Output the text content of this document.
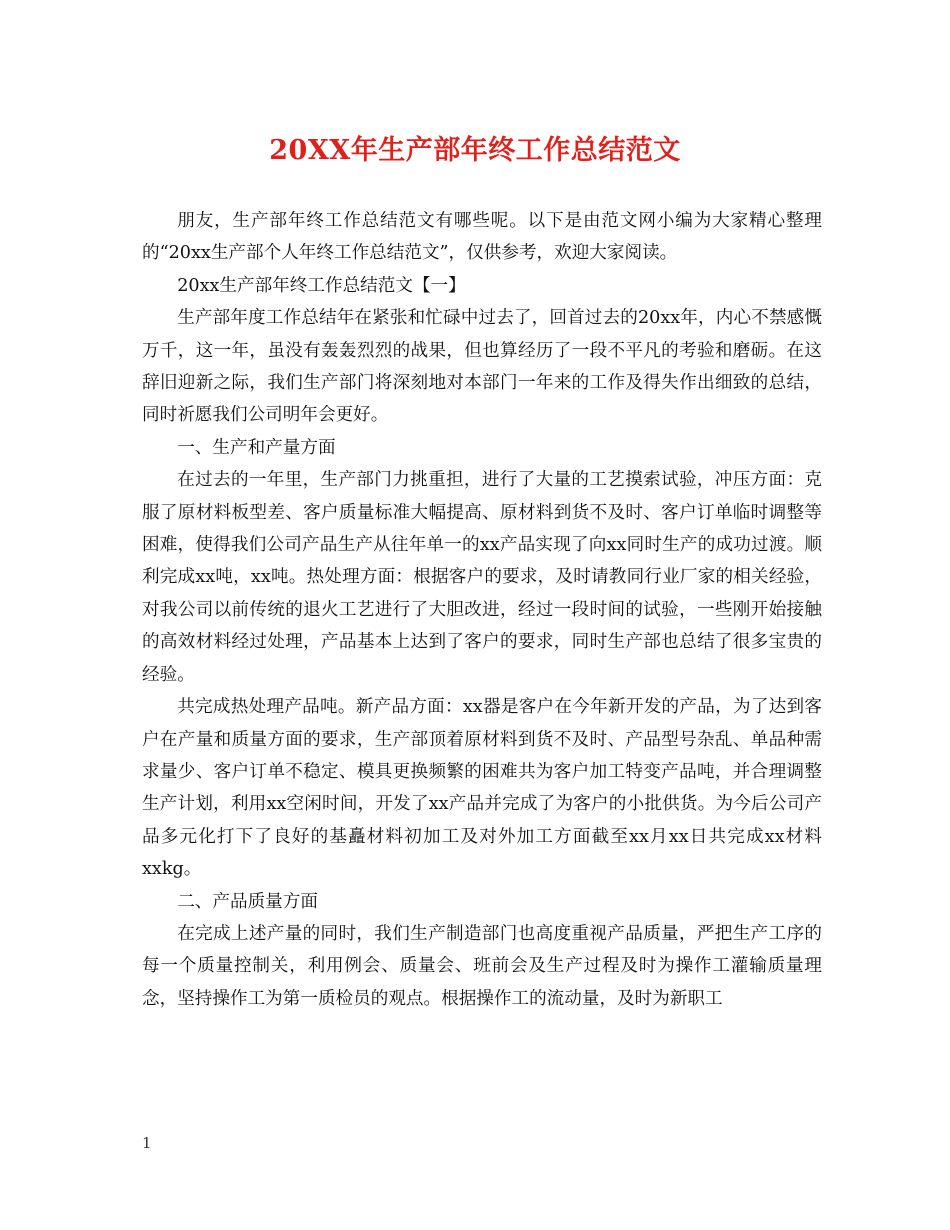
20XX年生产部年终工作总结范文

朋友，生产部年终工作总结范文有哪些呢。以下是由范文网小编为大家精心整理的“20xx生产部个人年终工作总结范文”，仅供参考，欢迎大家阅读。

20xx生产部年终工作总结范文【一】

生产部年度工作总结年在紧张和忙碌中过去了，回首过去的20xx年，内心不禁感慨万千，这一年，虽没有轰轰烈烈的战果，但也算经历了一段不平凡的考验和磨砺。在这辞旧迎新之际，我们生产部门将深刻地对本部门一年来的工作及得失作出细致的总结，同时祈愿我们公司明年会更好。

一、生产和产量方面

在过去的一年里，生产部门力挑重担，进行了大量的工艺摸索试验，冲压方面：克服了原材料板型差、客户质量标准大幅提高、原材料到货不及时、客户订单临时调整等困难，使得我们公司产品生产从往年单一的xx产品实现了向xx同时生产的成功过渡。顺利完成xx吨，xx吨。热处理方面：根据客户的要求，及时请教同行业厂家的相关经验，对我公司以前传统的退火工艺进行了大胆改进，经过一段时间的试验，一些刚开始接触的高效材料经过处理，产品基本上达到了客户的要求，同时生产部也总结了很多宝贵的经验。

共完成热处理产品吨。新产品方面：xx器是客户在今年新开发的产品，为了达到客户在产量和质量方面的要求，生产部顶着原材料到货不及时、产品型号杂乱、单品种需求量少、客户订单不稳定、模具更换频繁的困难共为客户加工特变产品吨，并合理调整生产计划，利用xx空闲时间，开发了xx产品并完成了为客户的小批供货。为今后公司产品多元化打下了良好的基矗材料初加工及对外加工方面截至xx月xx日共完成xx材料xxkg。

二、产品质量方面

在完成上述产量的同时，我们生产制造部门也高度重视产品质量，严把生产工序的每一个质量控制关，利用例会、质量会、班前会及生产过程及时为操作工灌输质量理念，坚持操作工为第一质检员的观点。根据操作工的流动量，及时为新职工

1
